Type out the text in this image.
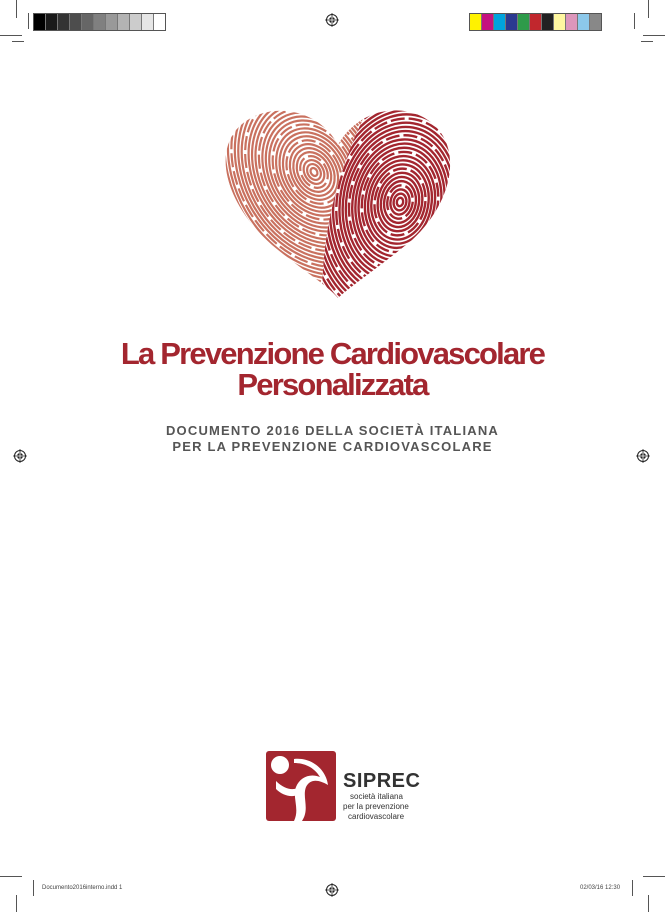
La Prevenzione Cardiovascolare
Personalizzata
DOCUMENTO 2016 DELLA SOCIETÀ ITALIANA
PER LA PREVENZIONE CARDIOVASCOLARE
SIPREC
società italiana
per la prevenzione
cardiovascolare
Documento2016interno.indd 1	02/03/16 12:30
